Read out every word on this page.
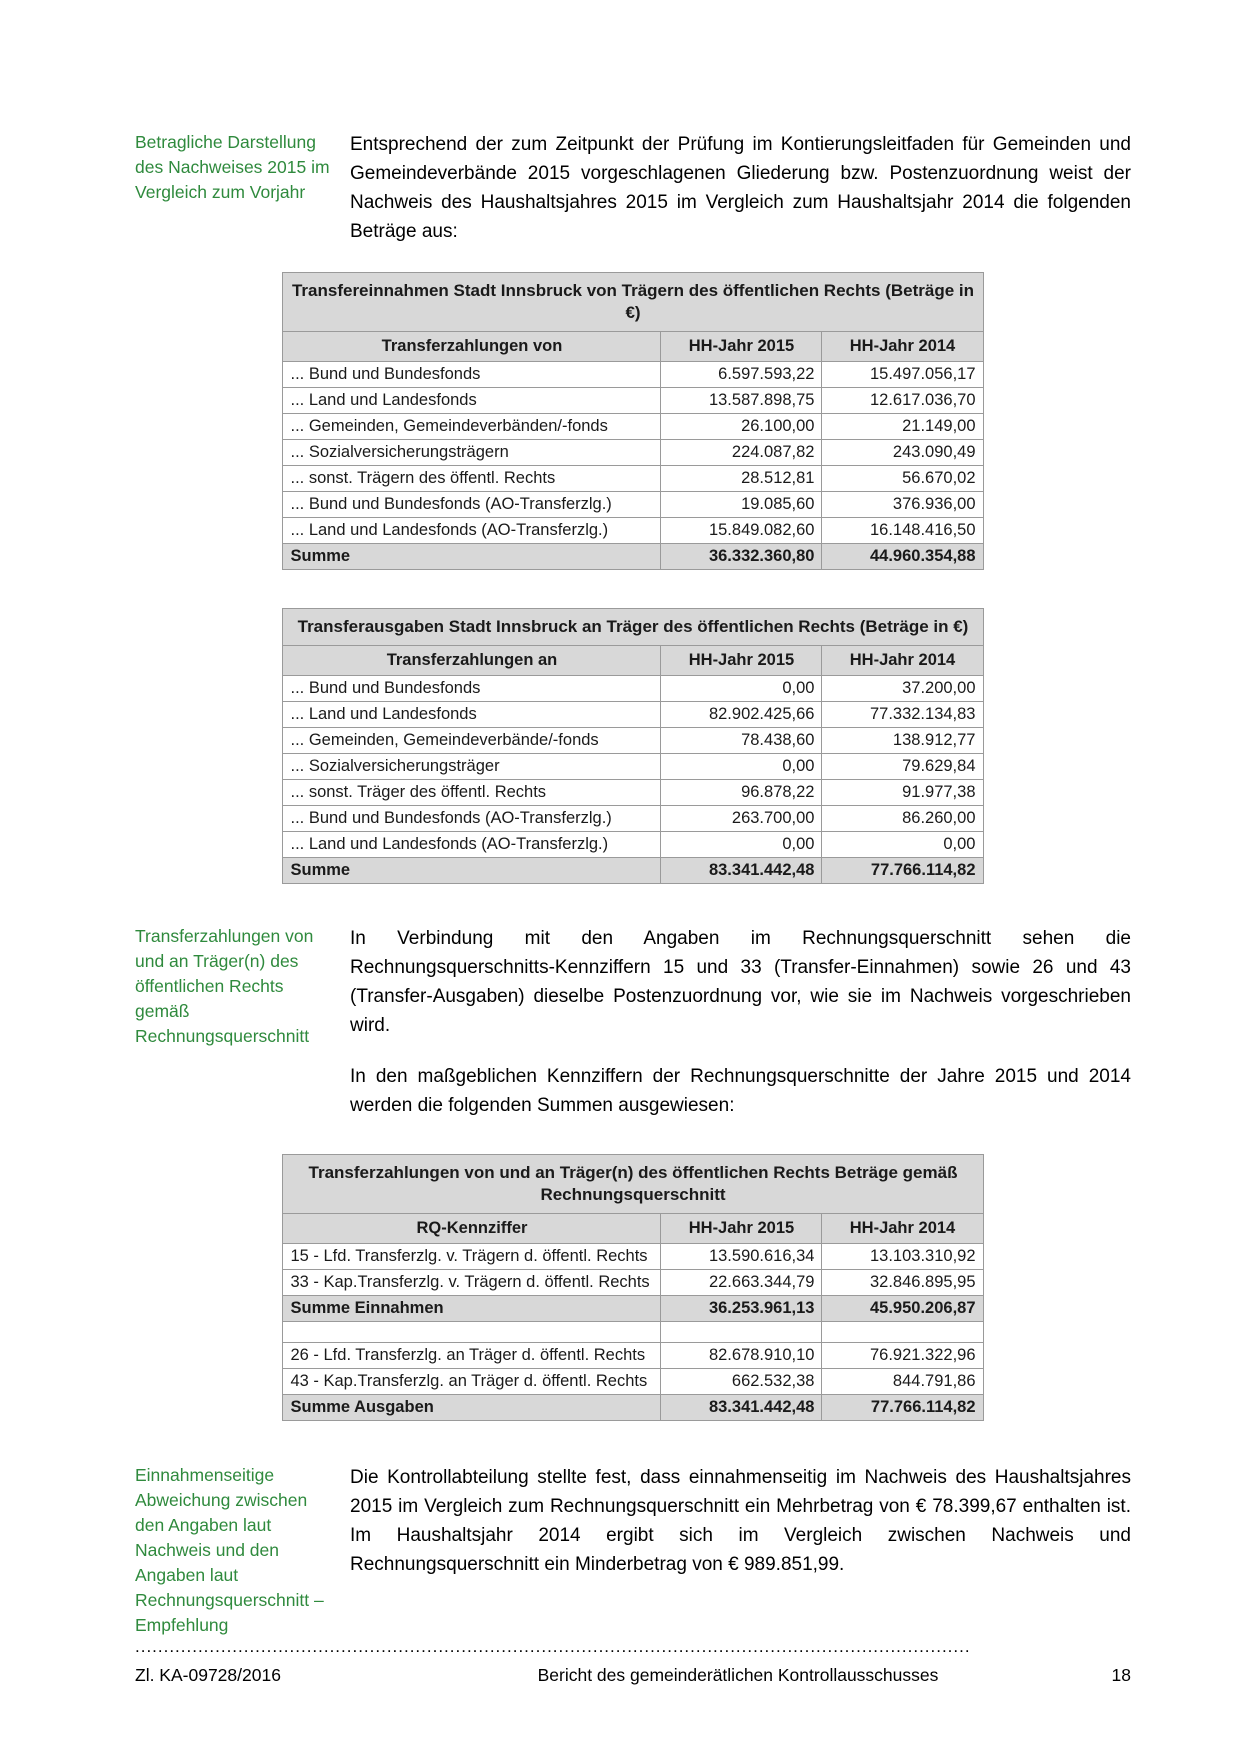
Betragliche Darstellung des Nachweises 2015 im Vergleich zum Vorjahr

Entsprechend der zum Zeitpunkt der Prüfung im Kontierungsleitfaden für Gemeinden und Gemeindeverbände 2015 vorgeschlagenen Gliederung bzw. Postenzuordnung weist der Nachweis des Haushaltsjahres 2015 im Vergleich zum Haushaltsjahr 2014 die folgenden Beträge aus:

Transfereinnahmen Stadt Innsbruck von Trägern des öffentlichen Rechts (Beträge in €)		
Transferzahlungen von	HH-Jahr 2015	HH-Jahr 2014
... Bund und Bundesfonds	6.597.593,22	15.497.056,17
... Land und Landesfonds	13.587.898,75	12.617.036,70
... Gemeinden, Gemeindeverbänden/-fonds	26.100,00	21.149,00
... Sozialversicherungsträgern	224.087,82	243.090,49
... sonst. Trägern des öffentl. Rechts	28.512,81	56.670,02
... Bund und Bundesfonds (AO-Transferzlg.)	19.085,60	376.936,00
... Land und Landesfonds (AO-Transferzlg.)	15.849.082,60	16.148.416,50
Summe	36.332.360,80	44.960.354,88
Transferausgaben Stadt Innsbruck an Träger des öffentlichen Rechts (Beträge in €)		
Transferzahlungen an	HH-Jahr 2015	HH-Jahr 2014
... Bund und Bundesfonds	0,00	37.200,00
... Land und Landesfonds	82.902.425,66	77.332.134,83
... Gemeinden, Gemeindeverbände/-fonds	78.438,60	138.912,77
... Sozialversicherungsträger	0,00	79.629,84
... sonst. Träger des öffentl. Rechts	96.878,22	91.977,38
... Bund und Bundesfonds (AO-Transferzlg.)	263.700,00	86.260,00
... Land und Landesfonds (AO-Transferzlg.)	0,00	0,00
Summe	83.341.442,48	77.766.114,82
Transferzahlungen von und an Träger(n) des öffentlichen Rechts gemäß Rechnungsquerschnitt

In Verbindung mit den Angaben im Rechnungsquerschnitt sehen die Rechnungsquerschnitts-Kennziffern 15 und 33 (Transfer-Einnahmen) sowie 26 und 43 (Transfer-Ausgaben) dieselbe Postenzuordnung vor, wie sie im Nachweis vorgeschrieben wird.

In den maßgeblichen Kennziffern der Rechnungsquerschnitte der Jahre 2015 und 2014 werden die folgenden Summen ausgewiesen:

Transferzahlungen von und an Träger(n) des öffentlichen Rechts Beträge gemäß Rechnungsquerschnitt		
RQ-Kennziffer	HH-Jahr 2015	HH-Jahr 2014
15 - Lfd. Transferzlg. v. Trägern d. öffentl. Rechts	13.590.616,34	13.103.310,92
33 - Kap.Transferzlg. v. Trägern d. öffentl. Rechts	22.663.344,79	32.846.895,95
Summe Einnahmen	36.253.961,13	45.950.206,87

26 - Lfd. Transferzlg. an Träger d. öffentl. Rechts	82.678.910,10	76.921.322,96
43 - Kap.Transferzlg. an Träger d. öffentl. Rechts	662.532,38	844.791,86
Summe Ausgaben	83.341.442,48	77.766.114,82
Einnahmenseitige Abweichung zwischen den Angaben laut Nachweis und den Angaben laut Rechnungsquerschnitt – Empfehlung

Die Kontrollabteilung stellte fest, dass einnahmenseitig im Nachweis des Haushaltsjahres 2015 im Vergleich zum Rechnungsquerschnitt ein Mehrbetrag von € 78.399,67 enthalten ist. Im Haushaltsjahr 2014 ergibt sich im Vergleich zwischen Nachweis und Rechnungsquerschnitt ein Minderbetrag von € 989.851,99.

..................................................................................................................................................
Zl. KA-09728/2016	Bericht des gemeinderätlichen Kontrollausschusses	18
